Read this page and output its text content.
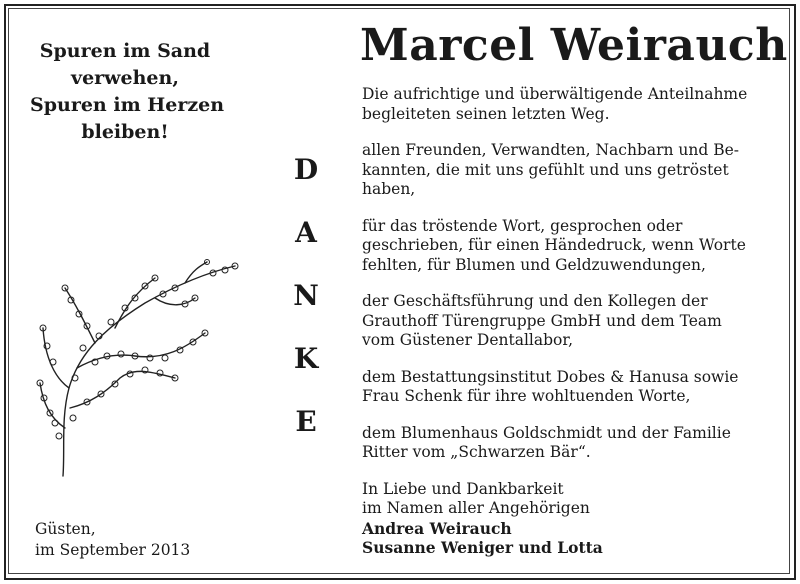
Spuren im Sand
verwehen,
Spuren im Herzen
bleiben!
Güsten,
im September 2013
D
A
N
K
E
Marcel Weirauch
Die aufrichtige und überwältigende Anteilnahme
begleiteten seinen letzten Weg.
allen Freunden, Verwandten, Nachbarn und Be-
kannten, die mit uns gefühlt und uns getröstet
haben,
für das tröstende Wort, gesprochen oder
geschrieben, für einen Händedruck, wenn Worte
fehlten, für Blumen und Geldzuwendungen,
der Geschäftsführung und den Kollegen der
Grauthoff Türengruppe GmbH und dem Team
vom Güstener Dentallabor,
dem Bestattungsinstitut Dobes & Hanusa sowie
Frau Schenk für ihre wohltuenden Worte,
dem Blumenhaus Goldschmidt und der Familie
Ritter vom „Schwarzen Bär“.
In Liebe und Dankbarkeit
im Namen aller Angehörigen
Andrea Weirauch
Susanne Weniger und Lotta
